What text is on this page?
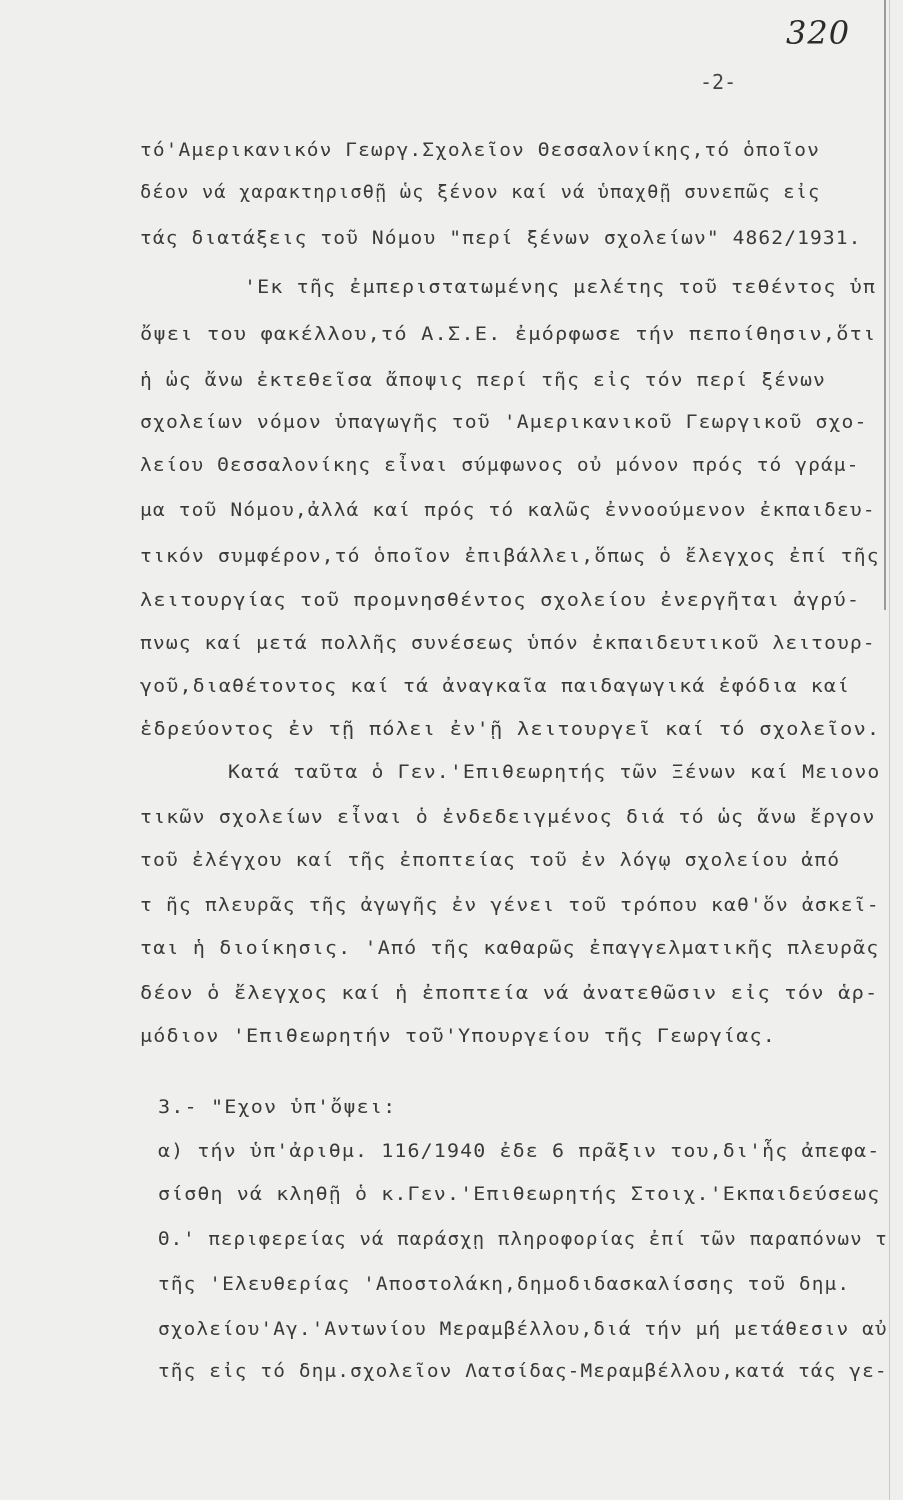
320
-2-
τό'Αμερικανικόν Γεωργ.Σχολεῖον Θεσσαλονίκης,τό ὁποῖον
δέον νά χαρακτηρισθῇ ὡς ξένον καί νά ὑπαχθῇ συνεπῶς εἰς
τάς διατάξεις τοῦ Νόμου "περί ξένων σχολείων" 4862/1931.
'Εκ τῆς ἐμπεριστατωμένης μελέτης τοῦ τεθέντος ὑπ
ὄψει του φακέλλου,τό Α.Σ.Ε. ἐμόρφωσε τήν πεποίθησιν,ὅτι
ἡ ὡς ἄνω ἐκτεθεῖσα ἄποψις περί τῆς εἰς τόν περί ξένων
σχολείων νόμον ὑπαγωγῆς τοῦ 'Αμερικανικοῦ Γεωργικοῦ σχο-
λείου Θεσσαλονίκης εἶναι σύμφωνος οὐ μόνον πρός τό γράμ-
μα τοῦ Νόμου,ἀλλά καί πρός τό καλῶς ἐννοούμενον ἐκπαιδευ-
τικόν συμφέρον,τό ὁποῖον ἐπιβάλλει,ὅπως ὁ ἔλεγχος ἐπί τῆς
λειτουργίας τοῦ προμνησθέντος σχολείου ἐνεργῆται ἀγρύ-
πνως καί μετά πολλῆς συνέσεως ὑπόν ἐκπαιδευτικοῦ λειτουρ-
γοῦ,διαθέτοντος καί τά ἀναγκαῖα παιδαγωγικά ἐφόδια καί
ἑδρεύοντος ἐν τῇ πόλει ἐν'ῇ λειτουργεῖ καί τό σχολεῖον.
Κατά ταῦτα ὁ Γεν.'Επιθεωρητής τῶν Ξένων καί Μειονο
τικῶν σχολείων εἶναι ὁ ἐνδεδειγμένος διά τό ὡς ἄνω ἔργον
τοῦ ἐλέγχου καί τῆς ἐποπτείας τοῦ ἐν λόγῳ σχολείου ἀπό
τ ῆς πλευρᾶς τῆς ἀγωγῆς ἐν γένει τοῦ τρόπου καθ'ὅν ἀσκεῖ-
ται ἡ διοίκησις. 'Από τῆς καθαρῶς ἐπαγγελματικῆς πλευρᾶς
δέον ὁ ἔλεγχος καί ἡ ἐποπτεία νά ἀνατεθῶσιν εἰς τόν ἁρ-
μόδιον 'Επιθεωρητήν τοῦ'Υπουργείου τῆς Γεωργίας.
3.- "Εχον ὑπ'ὄψει:
α) τήν ὑπ'ἀριθμ. 116/1940 ἐδε 6 πρᾶξιν του,δι'ἧς ἀπεφα-
σίσθη νά κληθῇ ὁ κ.Γεν.'Επιθεωρητής Στοιχ.'Εκπαιδεύσεως
Θ.' περιφερείας νά παράσχῃ πληροφορίας ἐπί τῶν παραπόνων τ
τῆς 'Ελευθερίας 'Αποστολάκη,δημοδιδασκαλίσσης τοῦ δημ.
σχολείου'Αγ.'Αντωνίου Μεραμβέλλου,διά τήν μή μετάθεσιν αὐ
τῆς εἰς τό δημ.σχολεῖον Λατσίδας-Μεραμβέλλου,κατά τάς γε-
